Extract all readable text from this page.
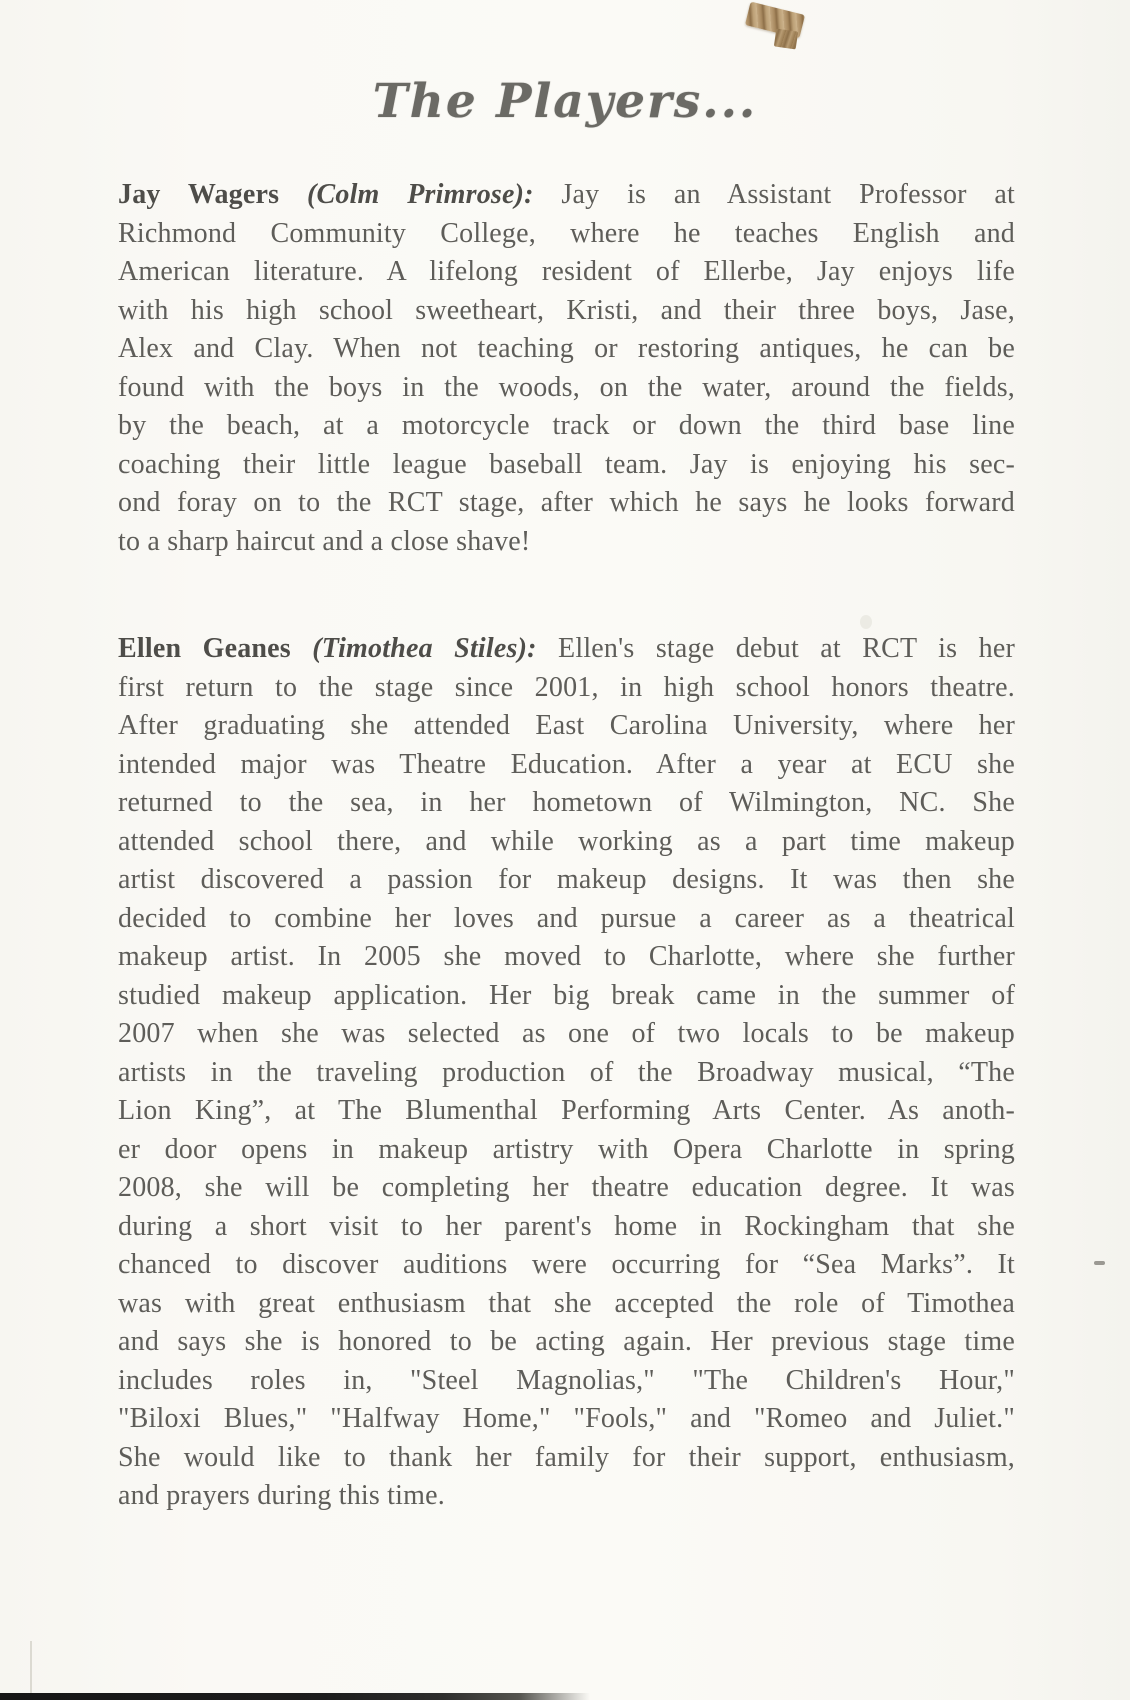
The Players...
Jay Wagers (Colm Primrose): Jay is an Assistant Professor at
Richmond Community College, where he teaches English and
American literature. A lifelong resident of Ellerbe, Jay enjoys life
with his high school sweetheart, Kristi, and their three boys, Jase,
Alex and Clay. When not teaching or restoring antiques, he can be
found with the boys in the woods, on the water, around the fields,
by the beach, at a motorcycle track or down the third base line
coaching their little league baseball team. Jay is enjoying his sec-
ond foray on to the RCT stage, after which he says he looks forward
to a sharp haircut and a close shave!
Ellen Geanes (Timothea Stiles): Ellen's stage debut at RCT is her
first return to the stage since 2001, in high school honors theatre.
After graduating she attended East Carolina University, where her
intended major was Theatre Education. After a year at ECU she
returned to the sea, in her hometown of Wilmington, NC. She
attended school there, and while working as a part time makeup
artist discovered a passion for makeup designs. It was then she
decided to combine her loves and pursue a career as a theatrical
makeup artist. In 2005 she moved to Charlotte, where she further
studied makeup application. Her big break came in the summer of
2007 when she was selected as one of two locals to be makeup
artists in the traveling production of the Broadway musical, “The
Lion King”, at The Blumenthal Performing Arts Center. As anoth-
er door opens in makeup artistry with Opera Charlotte in spring
2008, she will be completing her theatre education degree. It was
during a short visit to her parent's home in Rockingham that she
chanced to discover auditions were occurring for “Sea Marks”. It
was with great enthusiasm that she accepted the role of Timothea
and says she is honored to be acting again. Her previous stage time
includes roles in, "Steel Magnolias," "The Children's Hour,"
"Biloxi Blues," "Halfway Home," "Fools," and "Romeo and Juliet."
She would like to thank her family for their support, enthusiasm,
and prayers during this time.
